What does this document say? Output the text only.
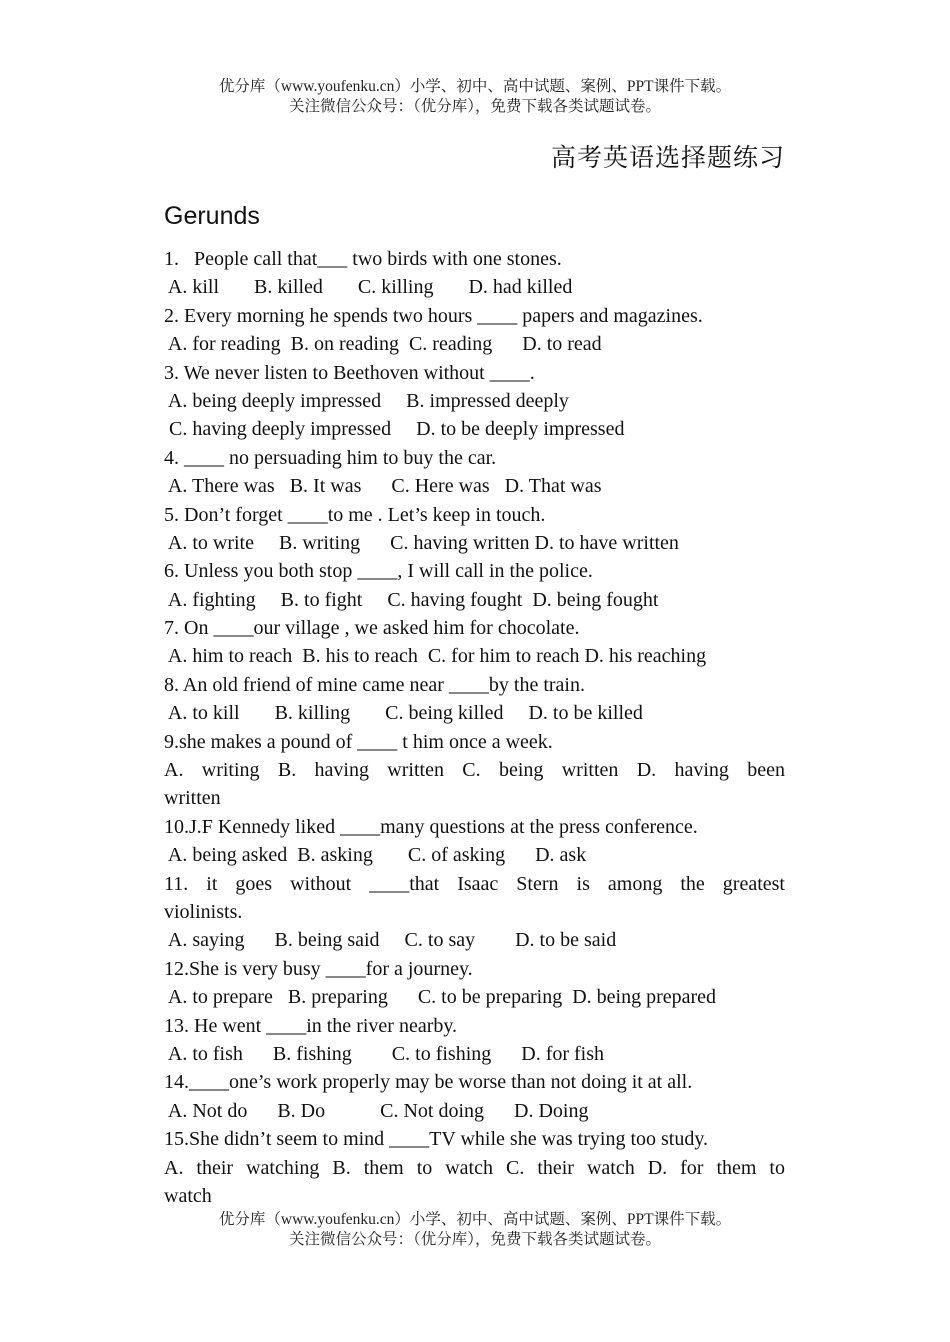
优分库（www.youfenku.cn）小学、初中、高中试题、案例、PPT课件下载。
关注微信公众号：（优分库），免费下载各类试题试卷。
高考英语选择题练习
Gerunds
1.   People call that___ two birds with one stones.
A. kill       B. killed       C. killing       D. had killed
2. Every morning he spends two hours ____ papers and magazines.
A. for reading  B. on reading  C. reading      D. to read
3. We never listen to Beethoven without ____.
A. being deeply impressed     B. impressed deeply
C. having deeply impressed     D. to be deeply impressed
4. ____ no persuading him to buy the car.
A. There was   B. It was      C. Here was   D. That was
5. Don’t forget ____to me . Let’s keep in touch.
A. to write     B. writing      C. having written D. to have written
6. Unless you both stop ____, I will call in the police.
A. fighting     B. to fight     C. having fought  D. being fought
7. On ____our village , we asked him for chocolate.
A. him to reach  B. his to reach  C. for him to reach D. his reaching
8. An old friend of mine came near ____by the train.
A. to kill       B. killing       C. being killed     D. to be killed
9.she makes a pound of ____ t him once a week.
A. writing B. having written C. being written D. having been
written
10.J.F Kennedy liked ____many questions at the press conference.
A. being asked  B. asking       C. of asking      D. ask
11. it goes without ____that Isaac Stern is among the greatest
violinists.
A. saying      B. being said     C. to say        D. to be said
12.She is very busy ____for a journey.
A. to prepare   B. preparing      C. to be preparing  D. being prepared
13. He went ____in the river nearby.
A. to fish      B. fishing        C. to fishing      D. for fish
14.____one’s work properly may be worse than not doing it at all.
A. Not do      B. Do           C. Not doing      D. Doing
15.She didn’t seem to mind ____TV while she was trying too study.
A. their watching B. them to watch C. their watch D. for them to
watch
优分库（www.youfenku.cn）小学、初中、高中试题、案例、PPT课件下载。
关注微信公众号：（优分库），免费下载各类试题试卷。
